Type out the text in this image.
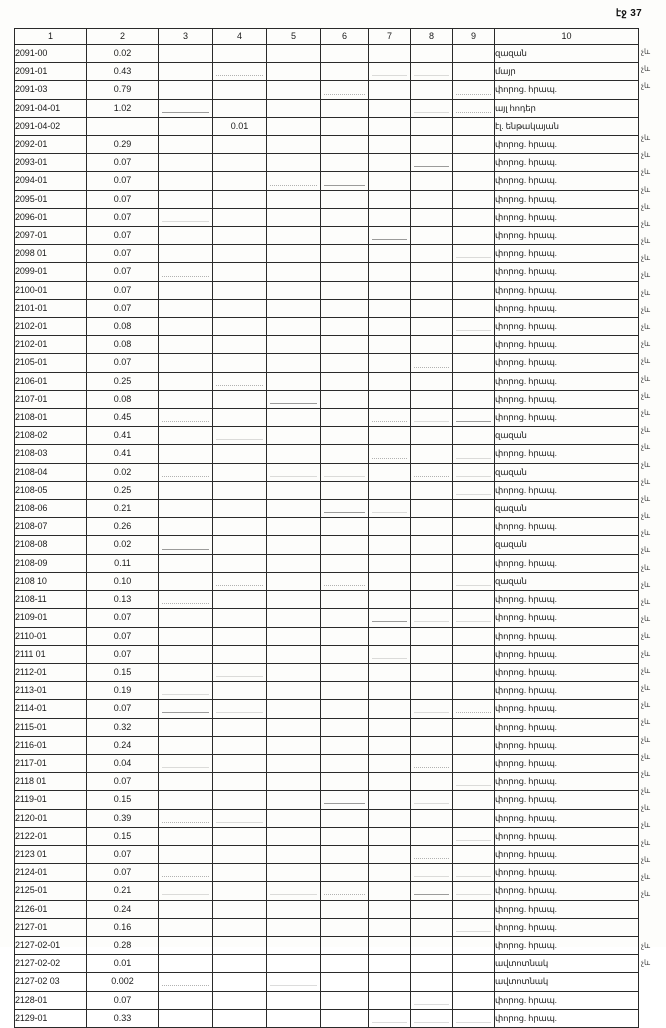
էջ 37
1	2	3	4	5	6	7	8	9	10
2091-00	0.02								զազան
2091-01	0.43								մայր
2091-03	0.79								փորոց. հրապ.
2091-04-01	1.02								այլ հոդեր
2091-04-02			0.01						էլ. ենթակայան
2092-01	0.29								փորոց. հրապ.
2093-01	0.07								փորոց. հրապ.
2094-01	0.07								փորոց. հրապ.
2095-01	0.07								փորոց. հրապ.
2096-01	0.07								փորոց. հրապ.
2097-01	0.07								փորոց. հրապ.
2098 01	0.07								փորոց. հրապ.
2099-01	0.07								փորոց. հրապ.
2100-01	0.07								փորոց. հրապ.
2101-01	0.07								փորոց. հրապ.
2102-01	0.08								փորոց. հրապ.
2102-01	0.08								փորոց. հրապ.
2105-01	0.07								փորոց. հրապ.
2106-01	0.25								փորոց. հրապ.
2107-01	0.08								փորոց. հրապ.
2108-01	0.45								փորոց. հրապ.
2108-02	0.41								զազան
2108-03	0.41								փորոց. հրապ.
2108-04	0.02								զազան
2108-05	0.25								փորոց. հրապ.
2108-06	0.21								զազան
2108-07	0.26								փորոց. հրապ.
2108-08	0.02								զազան
2108-09	0.11								փորոց. հրապ.
2108 10	0.10								զազան
2108-11	0.13								փորոց. հրապ.
2109-01	0.07								փորոց. հրապ.
2110-01	0.07								փորոց. հրապ.
2111 01	0.07								փորոց. հրապ.
2112-01	0.15								փորոց. հրապ.
2113-01	0.19								փորոց. հրապ.
2114-01	0.07								փորոց. հրապ.
2115-01	0.32								փորոց. հրապ.
2116-01	0.24								փորոց. հրապ.
2117-01	0.04								փորոց. հրապ.
2118 01	0.07								փորոց. հրապ.
2119-01	0.15								փորոց. հրապ.
2120-01	0.39								փորոց. հրապ.
2122-01	0.15								փորոց. հրապ.
2123 01	0.07								փորոց. հրապ.
2124-01	0.07								փորոց. հրապ.
2125-01	0.21								փորոց. հրապ.
2126-01	0.24								փորոց. հրապ.
2127-01	0.16								փորոց. հրապ.
2127-02-01	0.28								փորոց. հրապ.
2127-02-02	0.01								ավտոտնակ
2127-02 03	0.002								ավտոտնակ
2128-01	0.07								փորոց. հրապ.
2129-01	0.33								փորոց. հրապ.
չև
չև
չև
չև
չև
չև
չև
չև
չև
չև
չև
չև
չև
չև
չև
չև
չև
չև
չև
չև
չև
չև
չև
չև
չև
չև
չև
չև
չև
չև
չև
չև
չև
չև
չև
չև
չև
չև
չև
չև
չև
չև
չև
չև
չև
չև
չև
չև
չև
չև
